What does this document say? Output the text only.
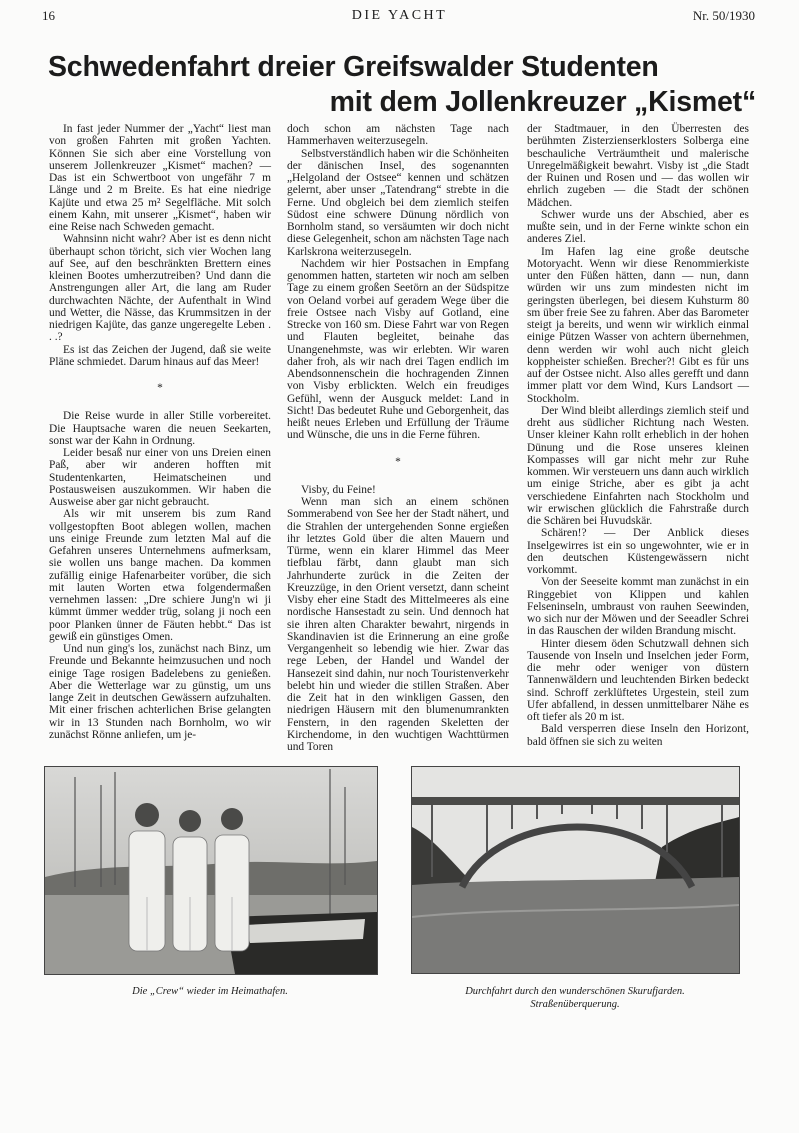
16	DIE YACHT	Nr. 50/1930
Schwedenfahrt dreier Greifswalder Studenten
mit dem Jollenkreuzer „Kismet“

In fast jeder Nummer der „Yacht“ liest man von großen Fahrten mit großen Yachten. Können Sie sich aber eine Vorstellung von unserem Jollenkreuzer „Kismet“ machen? — Das ist ein Schwertboot von ungefähr 7 m Länge und 2 m Breite. Es hat eine niedrige Kajüte und etwa 25 m² Segelfläche. Mit solch einem Kahn, mit unserer „Kismet“, haben wir eine Reise nach Schweden gemacht.

Wahnsinn nicht wahr? Aber ist es denn nicht überhaupt schon töricht, sich vier Wochen lang auf See, auf den beschränkten Brettern eines kleinen Bootes umherzutreiben? Und dann die Anstrengungen aller Art, die lang am Ruder durchwachten Nächte, der Aufenthalt in Wind und Wetter, die Nässe, das Krummsitzen in der niedrigen Kajüte, das ganze ungeregelte Leben . . .?

Es ist das Zeichen der Jugend, daß sie weite Pläne schmiedet. Darum hinaus auf das Meer!

*

Die Reise wurde in aller Stille vorbereitet. Die Hauptsache waren die neuen Seekarten, sonst war der Kahn in Ordnung.

Leider besaß nur einer von uns Dreien einen Paß, aber wir anderen hofften mit Studentenkarten, Heimatscheinen und Postausweisen auszukommen. Wir haben die Ausweise aber gar nicht gebraucht.

Als wir mit unserem bis zum Rand vollgestopften Boot ablegen wollen, machen uns einige Freunde zum letzten Mal auf die Gefahren unseres Unternehmens aufmerksam, sie wollen uns bange machen. Da kommen zufällig einige Hafenarbeiter vorüber, die sich mit lauten Worten etwa folgendermaßen vernehmen lassen: „Dre schiere Jung'n wi ji kümmt ümmer wedder trüg, solang ji noch een poor Planken ünner de Fäuten hebbt.“ Das ist gewiß ein günstiges Omen.

Und nun ging's los, zunächst nach Binz, um Freunde und Bekannte heimzusuchen und noch einige Tage rosigen Badelebens zu genießen. Aber die Wetterlage war zu günstig, um uns lange Zeit in deutschen Gewässern aufzuhalten. Mit einer frischen achterlichen Brise gelangten wir in 13 Stunden nach Bornholm, wo wir zunächst Rönne anliefen, um je-

doch schon am nächsten Tage nach Hammerhaven weiterzusegeln.

Selbstverständlich haben wir die Schönheiten der dänischen Insel, des sogenannten „Helgoland der Ostsee“ kennen und schätzen gelernt, aber unser „Tatendrang“ strebte in die Ferne. Und obgleich bei dem ziemlich steifen Südost eine schwere Dünung nördlich von Bornholm stand, so versäumten wir doch nicht diese Gelegenheit, schon am nächsten Tage nach Karlskrona weiterzusegeln.

Nachdem wir hier Postsachen in Empfang genommen hatten, starteten wir noch am selben Tage zu einem großen Seetörn an der Südspitze von Oeland vorbei auf geradem Wege über die freie Ostsee nach Visby auf Gotland, eine Strecke von 160 sm. Diese Fahrt war von Regen und Flauten begleitet, beinahe das Unangenehmste, was wir erlebten. Wir waren daher froh, als wir nach drei Tagen endlich im Abendsonnenschein die hochragenden Zinnen von Visby erblickten. Welch ein freudiges Gefühl, wenn der Ausguck meldet: Land in Sicht! Das bedeutet Ruhe und Geborgenheit, das heißt neues Erleben und Erfüllung der Träume und Wünsche, die uns in die Ferne führen.

*

Visby, du Feine!

Wenn man sich an einem schönen Sommerabend von See her der Stadt nähert, und die Strahlen der untergehenden Sonne ergießen ihr letztes Gold über die alten Mauern und Türme, wenn ein klarer Himmel das Meer tiefblau färbt, dann glaubt man sich Jahrhunderte zurück in die Zeiten der Kreuzzüge, in den Orient versetzt, dann scheint Visby eher eine Stadt des Mittelmeeres als eine nordische Hansestadt zu sein. Und dennoch hat sie ihren alten Charakter bewahrt, nirgends in Skandinavien ist die Erinnerung an eine große Vergangenheit so lebendig wie hier. Zwar das rege Leben, der Handel und Wandel der Hansezeit sind dahin, nur noch Touristenverkehr belebt hin und wieder die stillen Straßen. Aber die Zeit hat in den winkligen Gassen, den niedrigen Häusern mit den blumenumrankten Fenstern, in den ragenden Skeletten der Kirchendome, in den wuchtigen Wachttürmen und Toren

der Stadtmauer, in den Überresten des berühmten Zisterzienserklosters Solberga eine beschauliche Verträumtheit und malerische Unregelmäßigkeit bewahrt. Visby ist „die Stadt der Ruinen und Rosen und — das wollen wir ehrlich zugeben — die Stadt der schönen Mädchen.

Schwer wurde uns der Abschied, aber es mußte sein, und in der Ferne winkte schon ein anderes Ziel.

Im Hafen lag eine große deutsche Motoryacht. Wenn wir diese Renommierkiste unter den Füßen hätten, dann — nun, dann würden wir uns zum mindesten nicht im geringsten überlegen, bei diesem Kuhsturm 80 sm über freie See zu fahren. Aber das Barometer steigt ja bereits, und wenn wir wirklich einmal einige Pützen Wasser von achtern übernehmen, denn werden wir wohl auch nicht gleich koppheister schießen. Brecher?! Gibt es für uns auf der Ostsee nicht. Also alles gerefft und dann immer platt vor dem Wind, Kurs Landsort — Stockholm.

Der Wind bleibt allerdings ziemlich steif und dreht aus südlicher Richtung nach Westen. Unser kleiner Kahn rollt erheblich in der hohen Dünung und die Rose unseres kleinen Kompasses will gar nicht mehr zur Ruhe kommen. Wir versteuern uns dann auch wirklich um einige Striche, aber es gibt ja acht verschiedene Einfahrten nach Stockholm und wir erwischen glücklich die Fahrstraße durch die Schären bei Huvudskär.

Schären!? — Der Anblick dieses Inselgewirres ist ein so ungewohnter, wie er in den deutschen Küstengewässern nicht vorkommt.

Von der Seeseite kommt man zunächst in ein Ringgebiet von Klippen und kahlen Felseninseln, umbraust von rauhen Seewinden, wo sich nur der Möwen und der Seeadler Schrei in das Rauschen der wilden Brandung mischt.

Hinter diesem öden Schutzwall dehnen sich Tausende von Inseln und Inselchen jeder Form, die mehr oder weniger von düstern Tannenwäldern und leuchtenden Birken bedeckt sind. Schroff zerklüftetes Urgestein, steil zum Ufer abfallend, in dessen unmittelbarer Nähe es oft tiefer als 20 m ist.

Bald versperren diese Inseln den Horizont, bald öffnen sie sich zu weiten

Die „Crew“ wieder im Heimathafen.	Durchfahrt durch den wunderschönen Skurufjarden.
Straßenüberquerung.
